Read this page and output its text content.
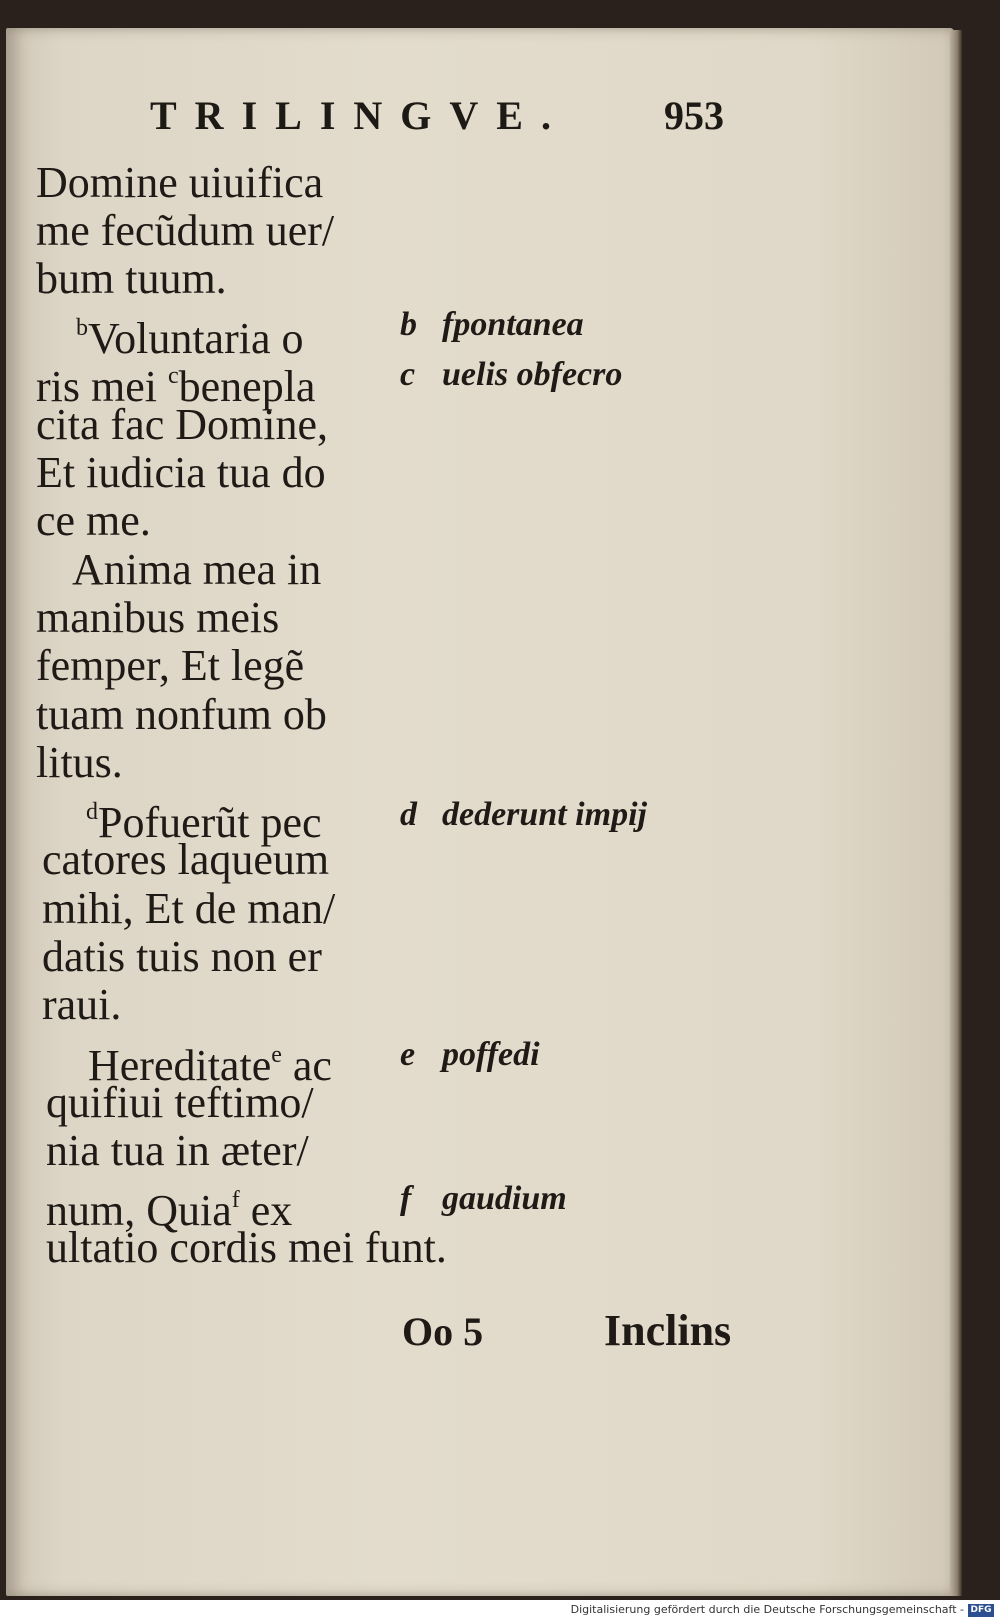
TRILINGVE. 953
Domine uiuifica
me fecũdum uer/
bum tuum.
$^b$Voluntaria o
ris mei $^c$benepla
cita fac Domine,
Et iudicia tua do
ce me.
Anima mea in
manibus meis
femper, Et legẽ
tuam nonfum ob
litus.
$^d$Pofuerũt pec
catores laqueum
mihi, Et de man/
datis tuis non er
raui.
Hereditate$^e$ ac
quifiui teftimo/
nia tua in æter/
num, Quia$^f$ ex
ultatio cordis mei funt.
b fpontanea
c uelis obfecro
d dederunt impij
e poffedi
f gaudium
Oo 5	Inclins
Digitalisierung gefördert durch die Deutsche Forschungsgemeinschaft - DFG
